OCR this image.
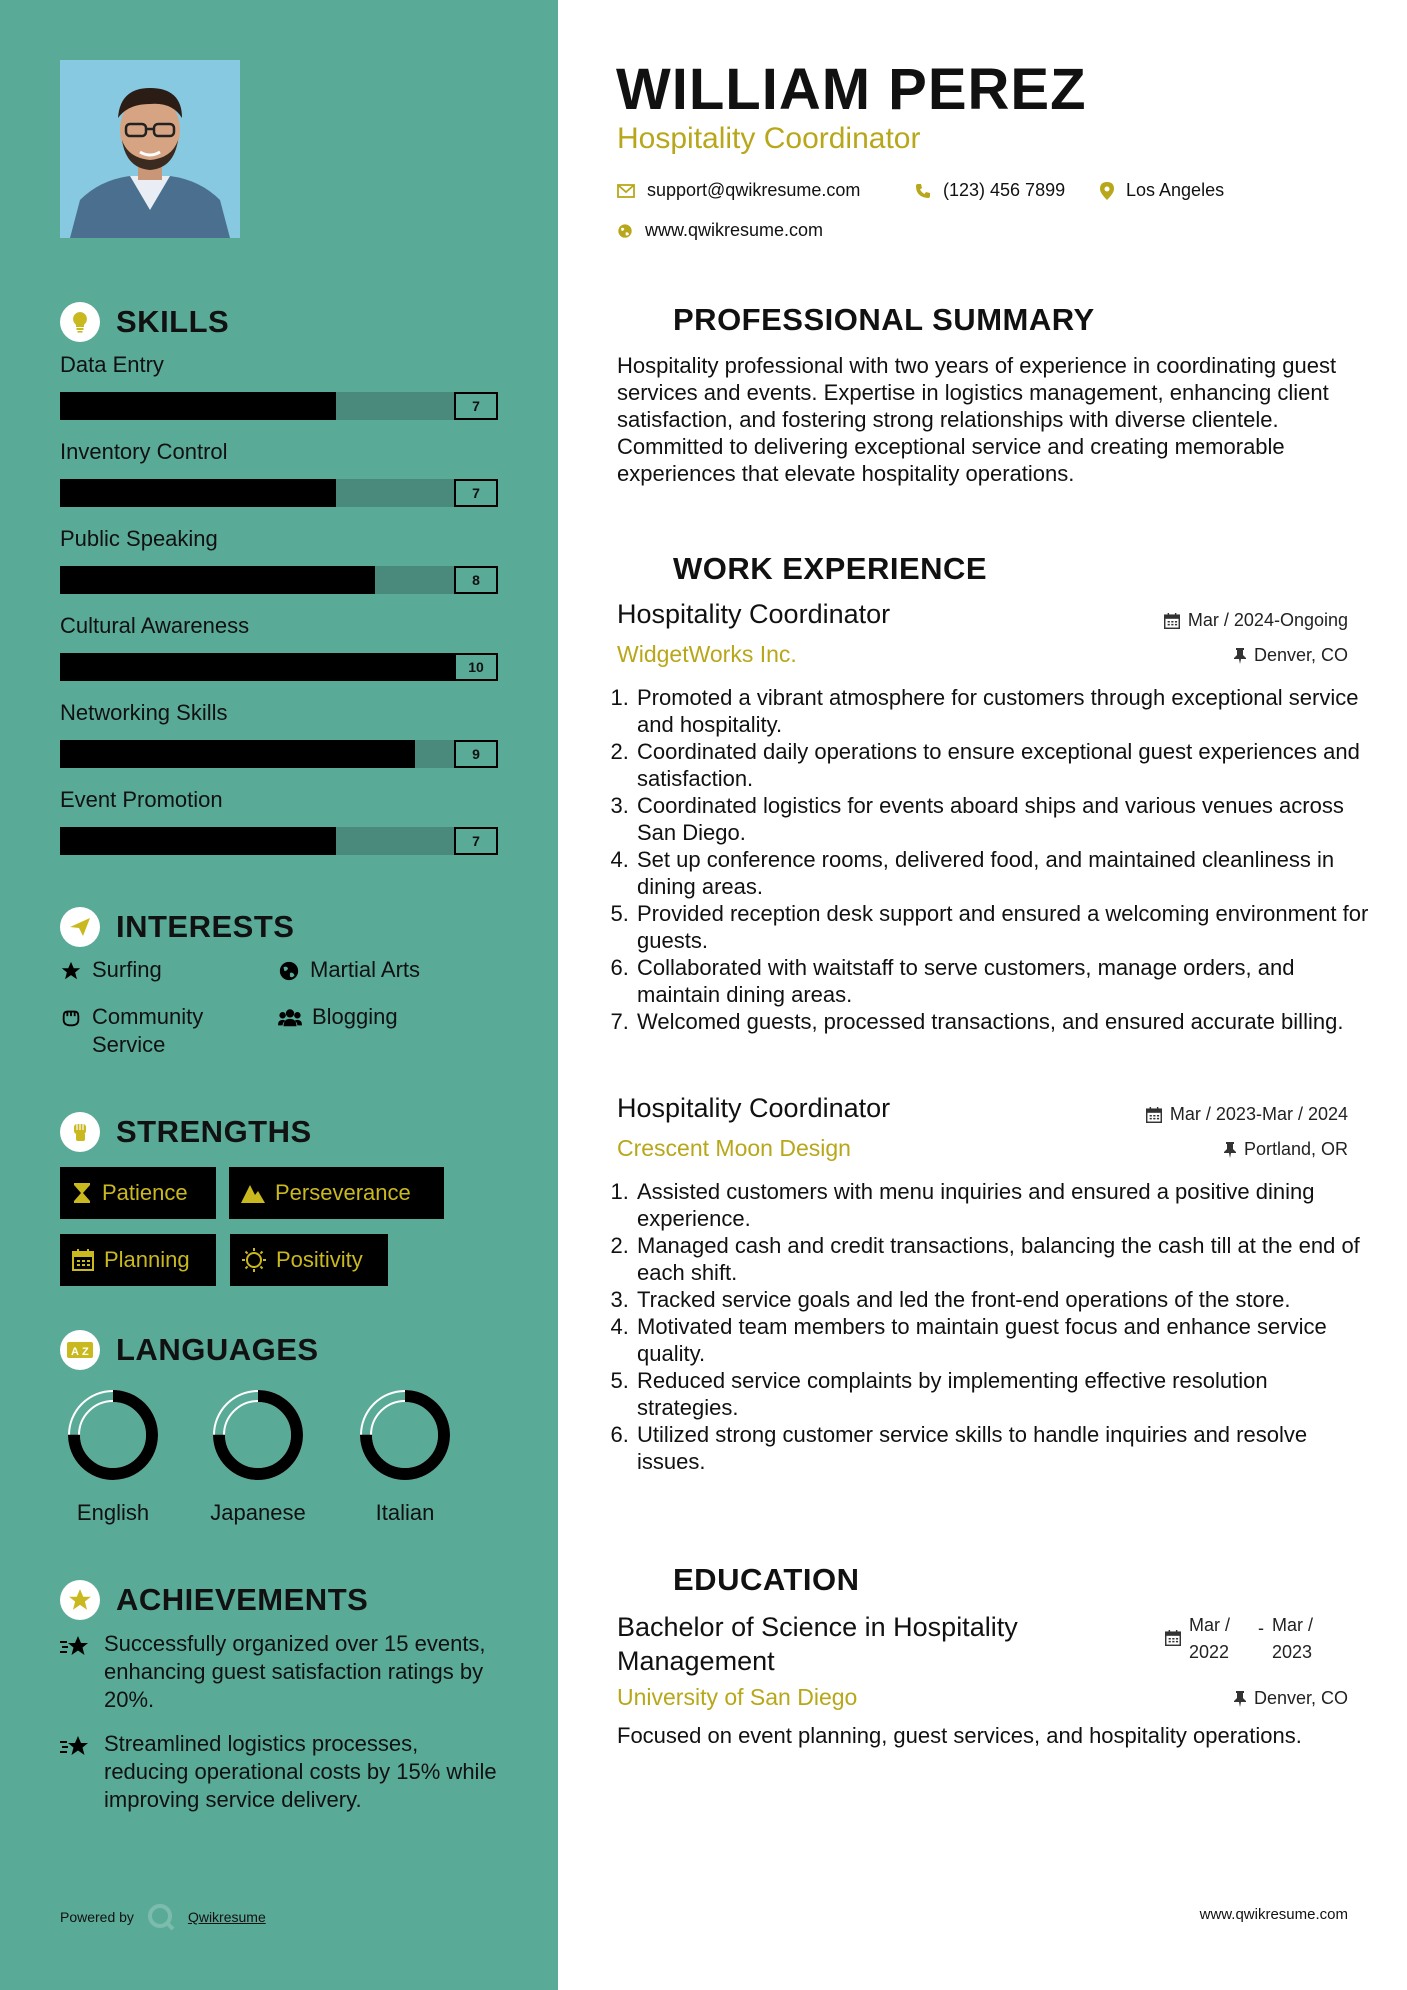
SKILLS
Data Entry
7
Inventory Control
7
Public Speaking
8
Cultural Awareness
10
Networking Skills
9
Event Promotion
7
INTERESTS
Surfing	Martial Arts
Community Service
Blogging
STRENGTHS
Patience	Perseverance
Planning	Positivity
A Z LANGUAGES
English	Japanese	Italian
ACHIEVEMENTS
Successfully organized over 15 events, enhancing guest satisfaction ratings by 20%.
Streamlined logistics processes, reducing operational costs by 15% while improving service delivery.
Powered by	Qwikresume
WILLIAM PEREZ
Hospitality Coordinator
support@qwikresume.com	(123) 456 7899	Los Angeles
www.qwikresume.com
PROFESSIONAL SUMMARY
Hospitality professional with two years of experience in coordinating guest services and events. Expertise in logistics management, enhancing client satisfaction, and fostering strong relationships with diverse clientele. Committed to delivering exceptional service and creating memorable experiences that elevate hospitality operations.
WORK EXPERIENCE
Hospitality Coordinator	Mar / 2024-Ongoing
WidgetWorks Inc.	Denver, CO
1. Promoted a vibrant atmosphere for customers through exceptional service and hospitality.
2. Coordinated daily operations to ensure exceptional guest experiences and satisfaction.
3. Coordinated logistics for events aboard ships and various venues across San Diego.
4. Set up conference rooms, delivered food, and maintained cleanliness in dining areas.
5. Provided reception desk support and ensured a welcoming environment for guests.
6. Collaborated with waitstaff to serve customers, manage orders, and maintain dining areas.
7. Welcomed guests, processed transactions, and ensured accurate billing.
Hospitality Coordinator	Mar / 2023-Mar / 2024
Crescent Moon Design	Portland, OR
1. Assisted customers with menu inquiries and ensured a positive dining experience.
2. Managed cash and credit transactions, balancing the cash till at the end of each shift.
3. Tracked service goals and led the front-end operations of the store.
4. Motivated team members to maintain guest focus and enhance service quality.
5. Reduced service complaints by implementing effective resolution strategies.
6. Utilized strong customer service skills to handle inquiries and resolve issues.
EDUCATION
Bachelor of Science in Hospitality Management
Mar /
2022
- Mar /
2023
University of San Diego	Denver, CO
Focused on event planning, guest services, and hospitality operations.
www.qwikresume.com
